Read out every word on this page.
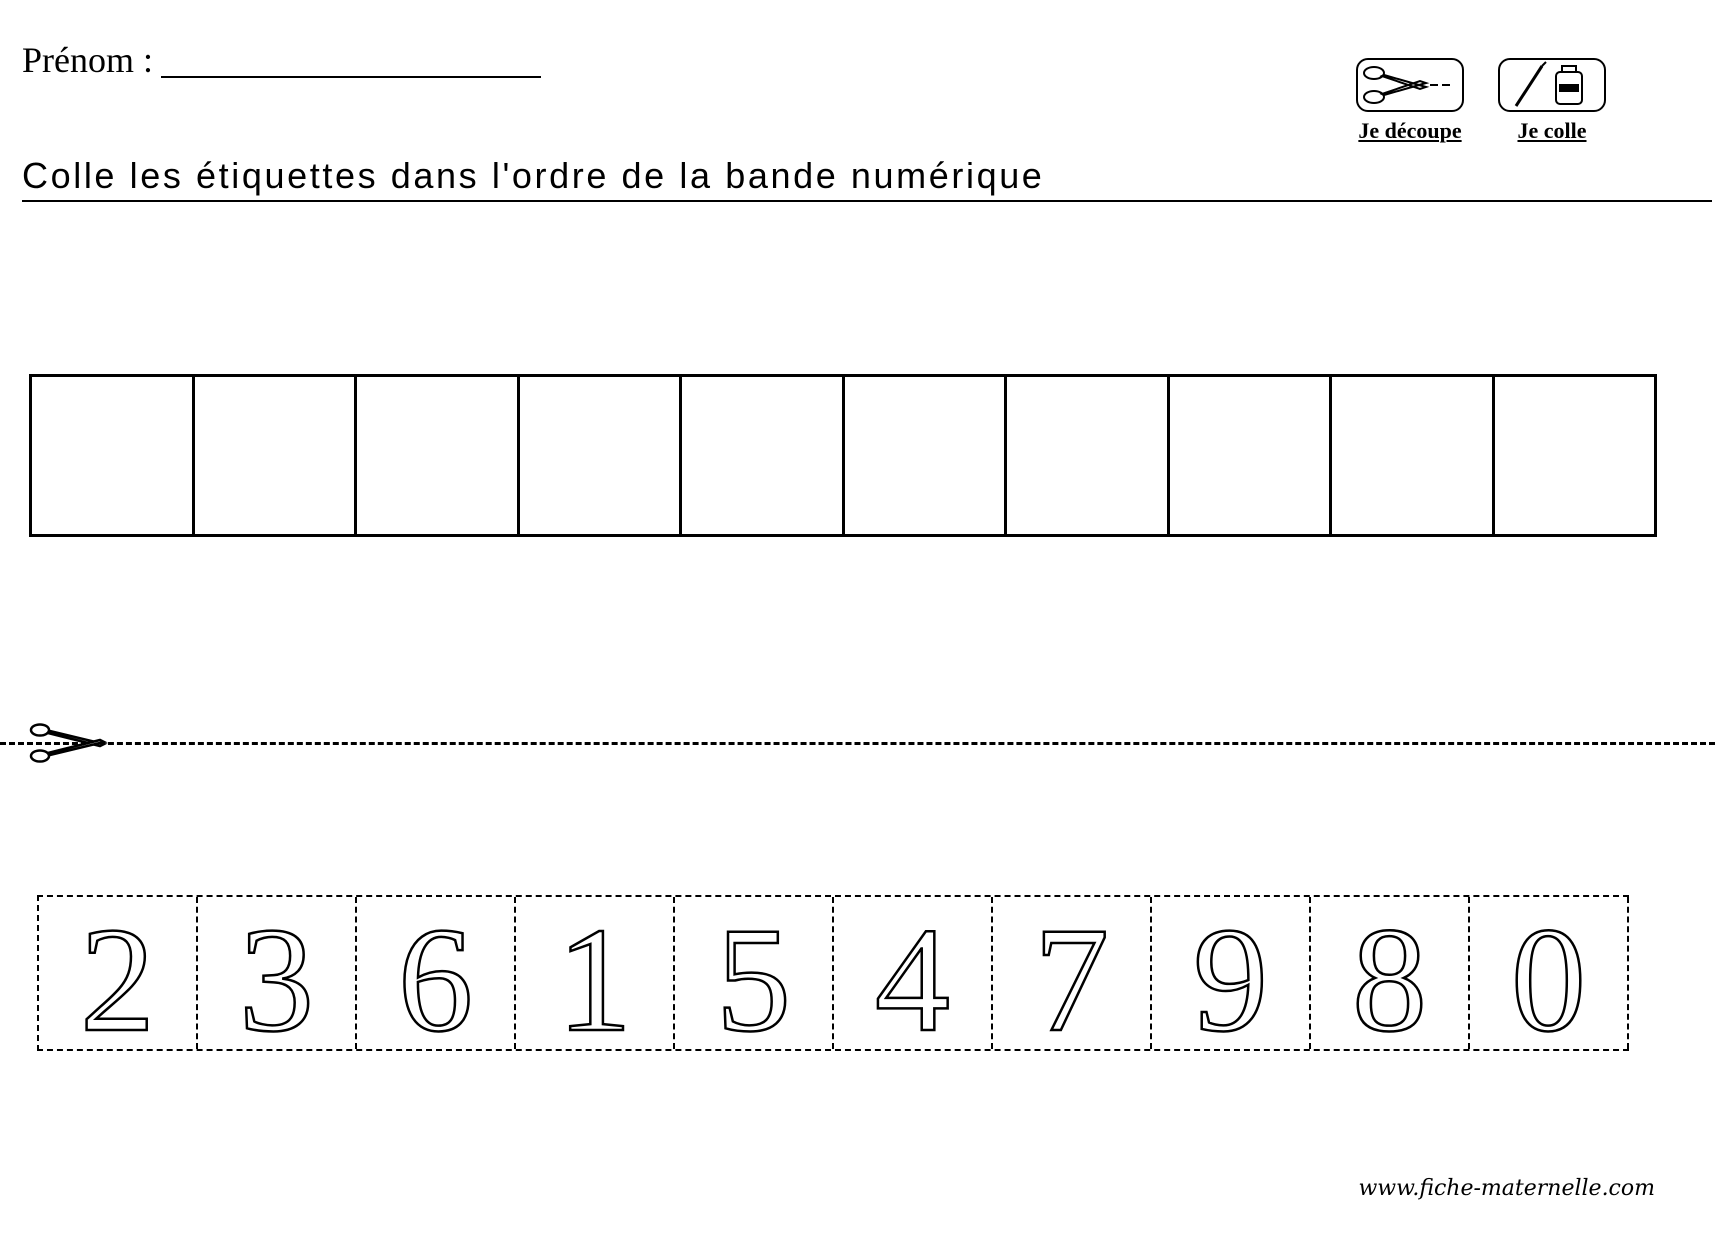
Prénom :
Je découpe	Je colle
Colle les étiquettes dans l'ordre de la bande numérique
2 3 6 1 5 4 7 9 8 0
www.fiche-maternelle.com
